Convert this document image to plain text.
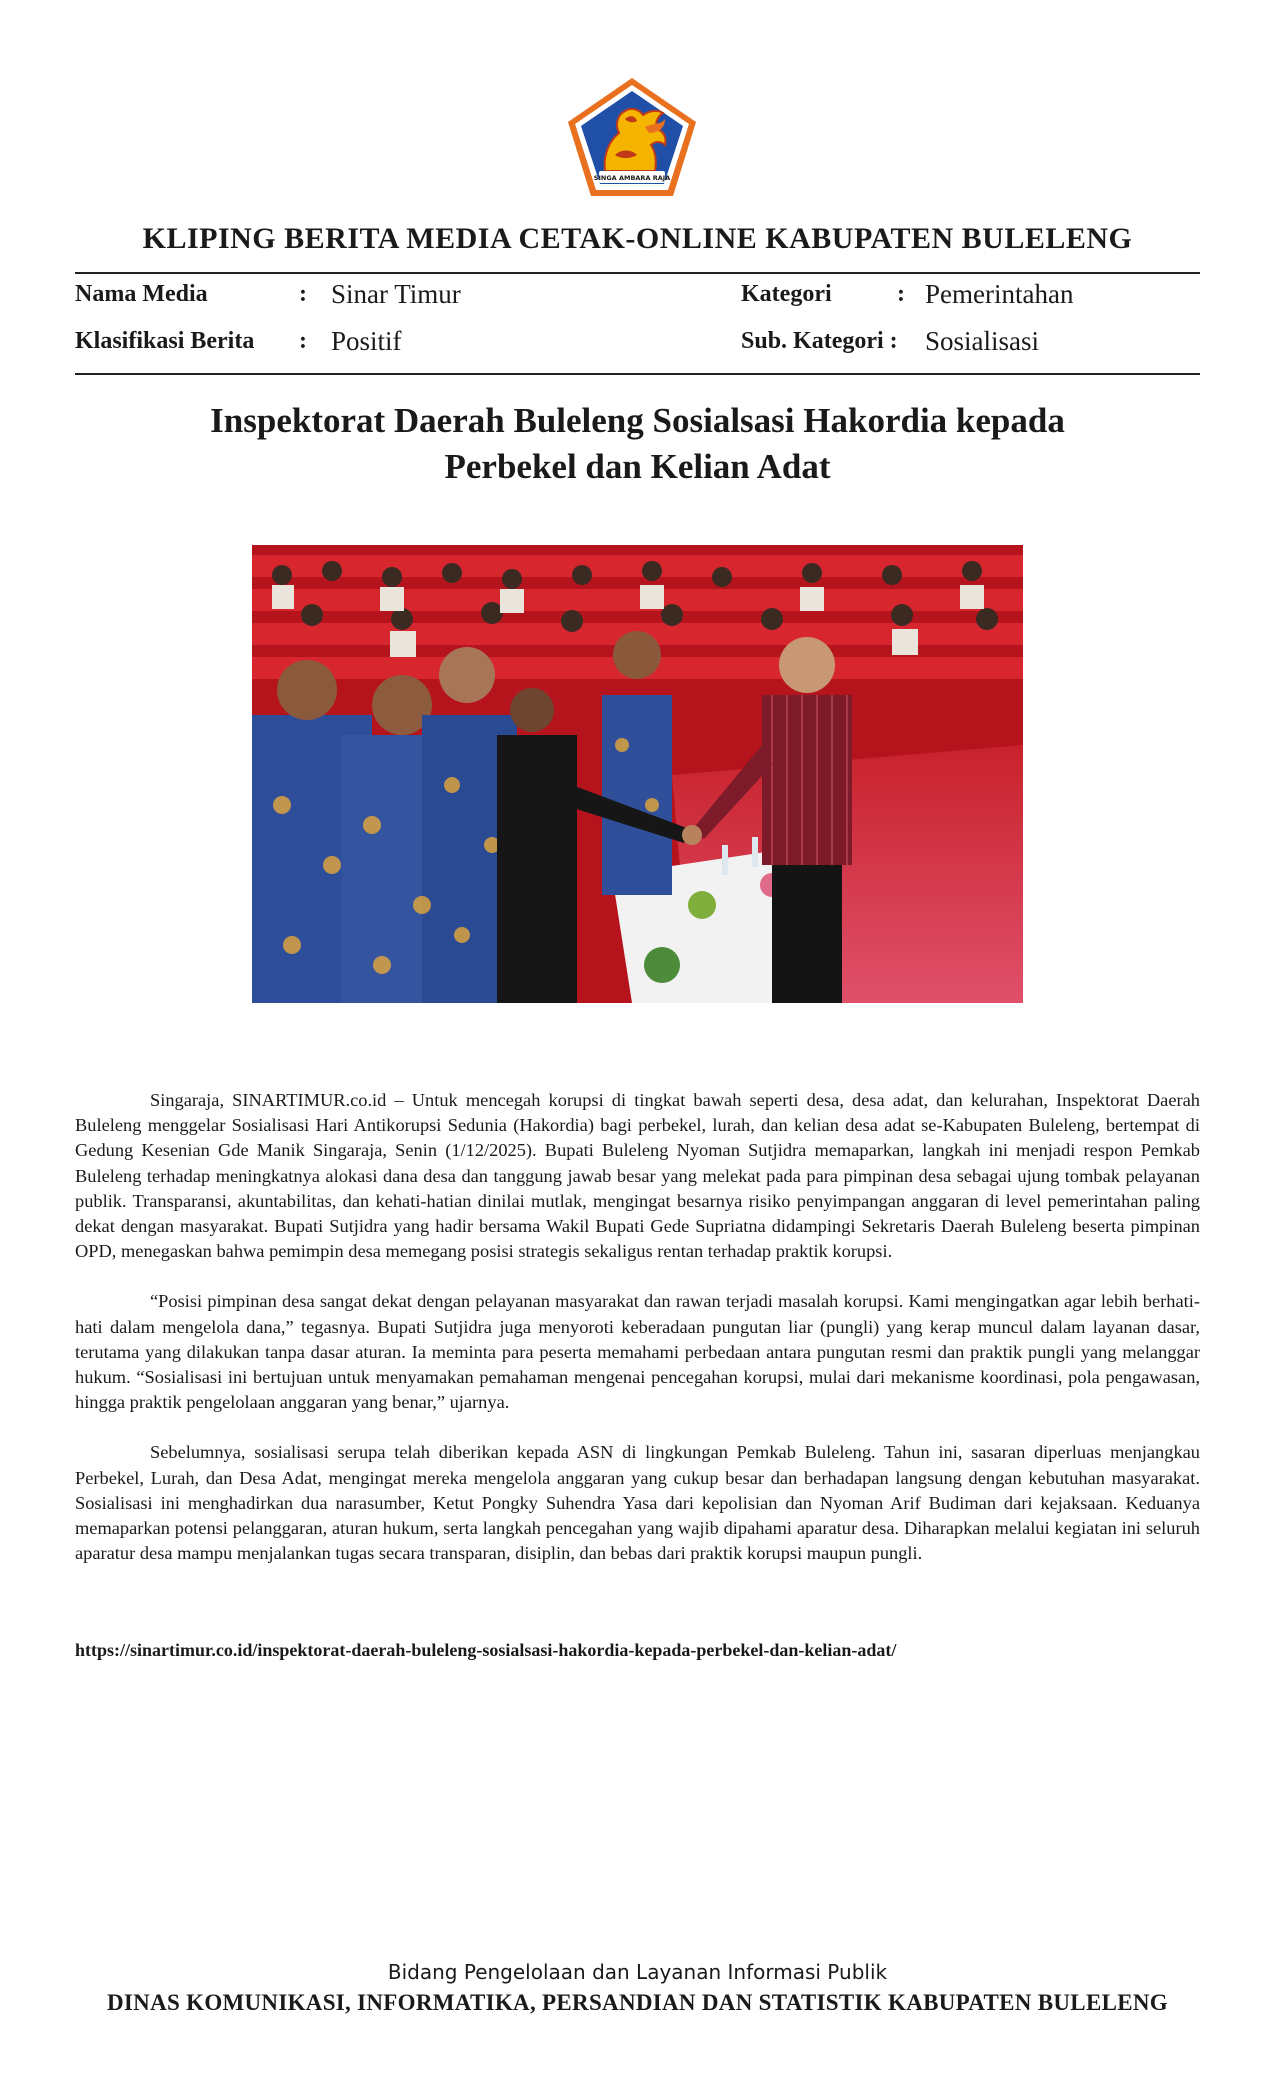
SINGA AMBARA RAJA
KLIPING BERITA MEDIA CETAK-ONLINE KABUPATEN BULELENG
Nama Media	: Sinar Timur	Kategori	: Pemerintahan
Klasifikasi Berita : Positif	Sub. Kategori : Sosialisasi
Inspektorat Daerah Buleleng Sosialsasi Hakordia kepada
Perbekel dan Kelian Adat

Singaraja, SINARTIMUR.co.id – Untuk mencegah korupsi di tingkat bawah seperti desa, desa adat, dan kelurahan, Inspektorat Daerah Buleleng menggelar Sosialisasi Hari Antikorupsi Sedunia (Hakordia) bagi perbekel, lurah, dan kelian desa adat se-Kabupaten Buleleng, bertempat di Gedung Kesenian Gde Manik Singaraja, Senin (1/12/2025). Bupati Buleleng Nyoman Sutjidra memaparkan, langkah ini menjadi respon Pemkab Buleleng terhadap meningkatnya alokasi dana desa dan tanggung jawab besar yang melekat pada para pimpinan desa sebagai ujung tombak pelayanan publik. Transparansi, akuntabilitas, dan kehati-hatian dinilai mutlak, mengingat besarnya risiko penyimpangan anggaran di level pemerintahan paling dekat dengan masyarakat. Bupati Sutjidra yang hadir bersama Wakil Bupati Gede Supriatna didampingi Sekretaris Daerah Buleleng beserta pimpinan OPD, menegaskan bahwa pemimpin desa memegang posisi strategis sekaligus rentan terhadap praktik korupsi.

“Posisi pimpinan desa sangat dekat dengan pelayanan masyarakat dan rawan terjadi masalah korupsi. Kami mengingatkan agar lebih berhati-hati dalam mengelola dana,” tegasnya. Bupati Sutjidra juga menyoroti keberadaan pungutan liar (pungli) yang kerap muncul dalam layanan dasar, terutama yang dilakukan tanpa dasar aturan. Ia meminta para peserta memahami perbedaan antara pungutan resmi dan praktik pungli yang melanggar hukum. “Sosialisasi ini bertujuan untuk menyamakan pemahaman mengenai pencegahan korupsi, mulai dari mekanisme koordinasi, pola pengawasan, hingga praktik pengelolaan anggaran yang benar,” ujarnya.

Sebelumnya, sosialisasi serupa telah diberikan kepada ASN di lingkungan Pemkab Buleleng. Tahun ini, sasaran diperluas menjangkau Perbekel, Lurah, dan Desa Adat, mengingat mereka mengelola anggaran yang cukup besar dan berhadapan langsung dengan kebutuhan masyarakat. Sosialisasi ini menghadirkan dua narasumber, Ketut Pongky Suhendra Yasa dari kepolisian dan Nyoman Arif Budiman dari kejaksaan. Keduanya memaparkan potensi pelanggaran, aturan hukum, serta langkah pencegahan yang wajib dipahami aparatur desa. Diharapkan melalui kegiatan ini seluruh aparatur desa mampu menjalankan tugas secara transparan, disiplin, dan bebas dari praktik korupsi maupun pungli.

https://sinartimur.co.id/inspektorat-daerah-buleleng-sosialsasi-hakordia-kepada-perbekel-dan-kelian-adat/
Bidang Pengelolaan dan Layanan Informasi Publik
DINAS KOMUNIKASI, INFORMATIKA, PERSANDIAN DAN STATISTIK KABUPATEN BULELENG
